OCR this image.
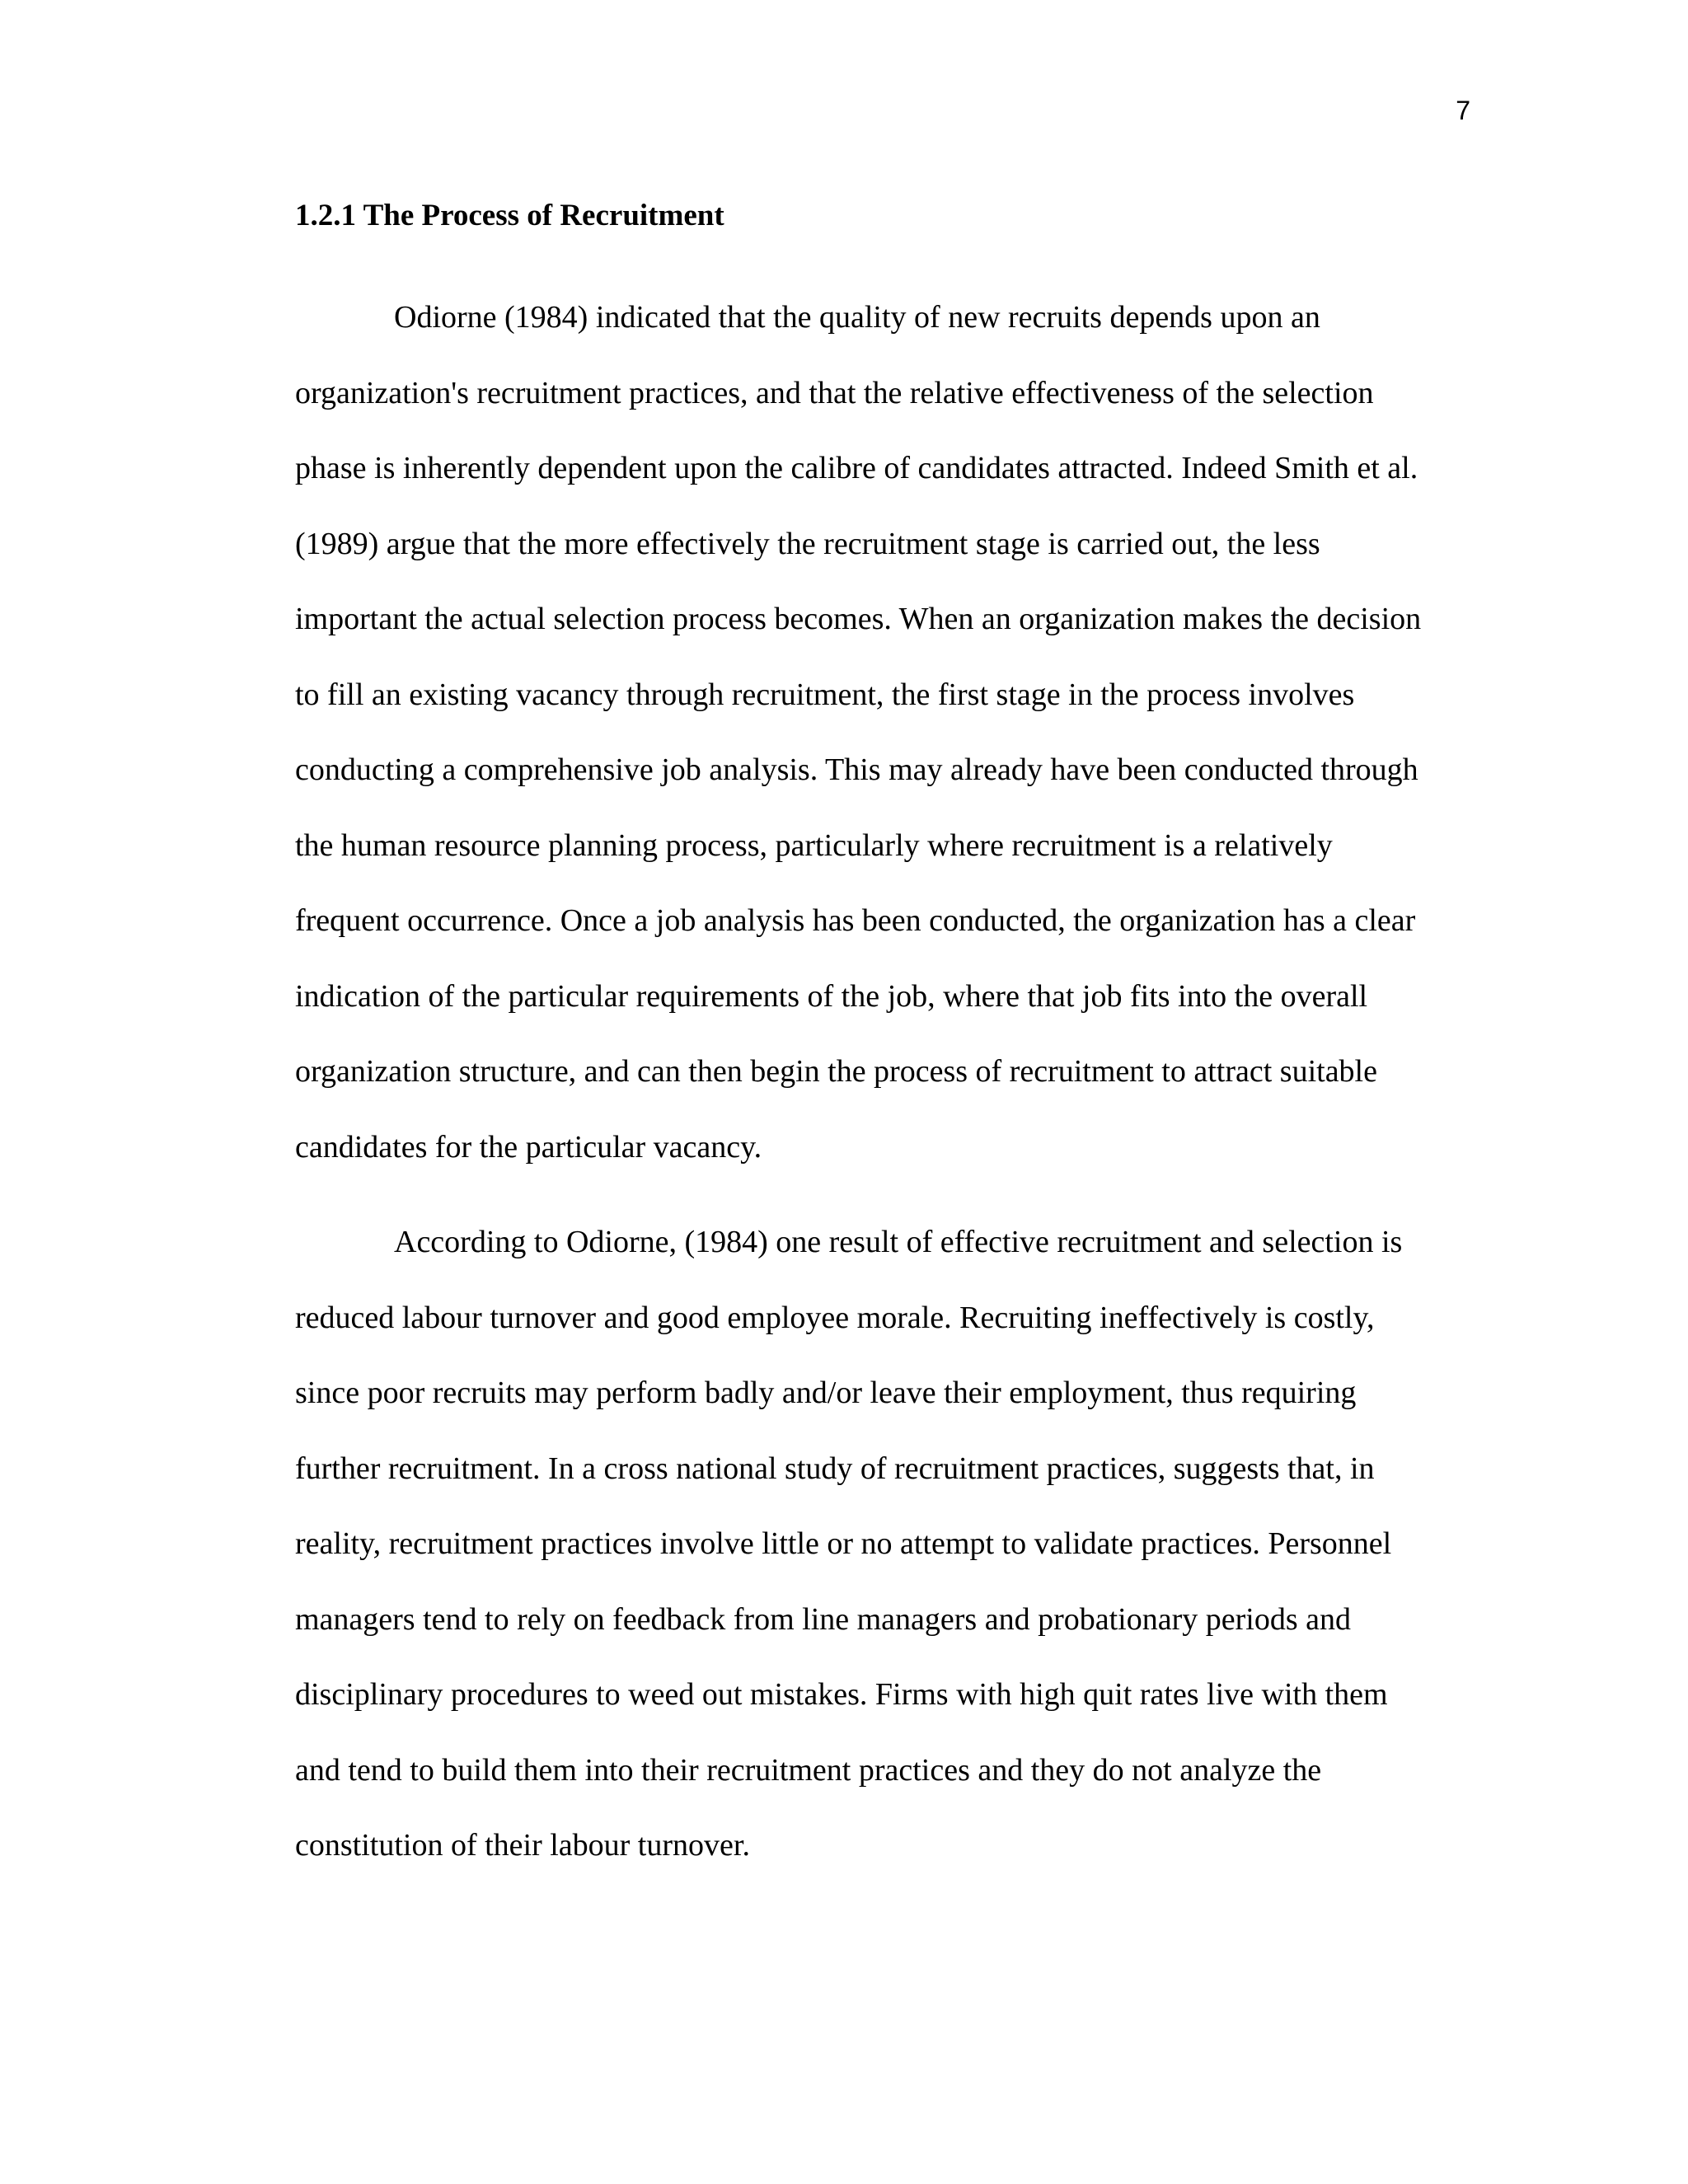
7
1.2.1 The Process of Recruitment

Odiorne (1984) indicated that the quality of new recruits depends upon an
organization's recruitment practices, and that the relative effectiveness of the selection
phase is inherently dependent upon the calibre of candidates attracted. Indeed Smith et al.
(1989) argue that the more effectively the recruitment stage is carried out, the less
important the actual selection process becomes. When an organization makes the decision
to fill an existing vacancy through recruitment, the first stage in the process involves
conducting a comprehensive job analysis. This may already have been conducted through
the human resource planning process, particularly where recruitment is a relatively
frequent occurrence. Once a job analysis has been conducted, the organization has a clear
indication of the particular requirements of the job, where that job fits into the overall
organization structure, and can then begin the process of recruitment to attract suitable
candidates for the particular vacancy.

According to Odiorne, (1984) one result of effective recruitment and selection is
reduced labour turnover and good employee morale. Recruiting ineffectively is costly,
since poor recruits may perform badly and/or leave their employment, thus requiring
further recruitment. In a cross national study of recruitment practices, suggests that, in
reality, recruitment practices involve little or no attempt to validate practices. Personnel
managers tend to rely on feedback from line managers and probationary periods and
disciplinary procedures to weed out mistakes. Firms with high quit rates live with them
and tend to build them into their recruitment practices and they do not analyze the
constitution of their labour turnover.
